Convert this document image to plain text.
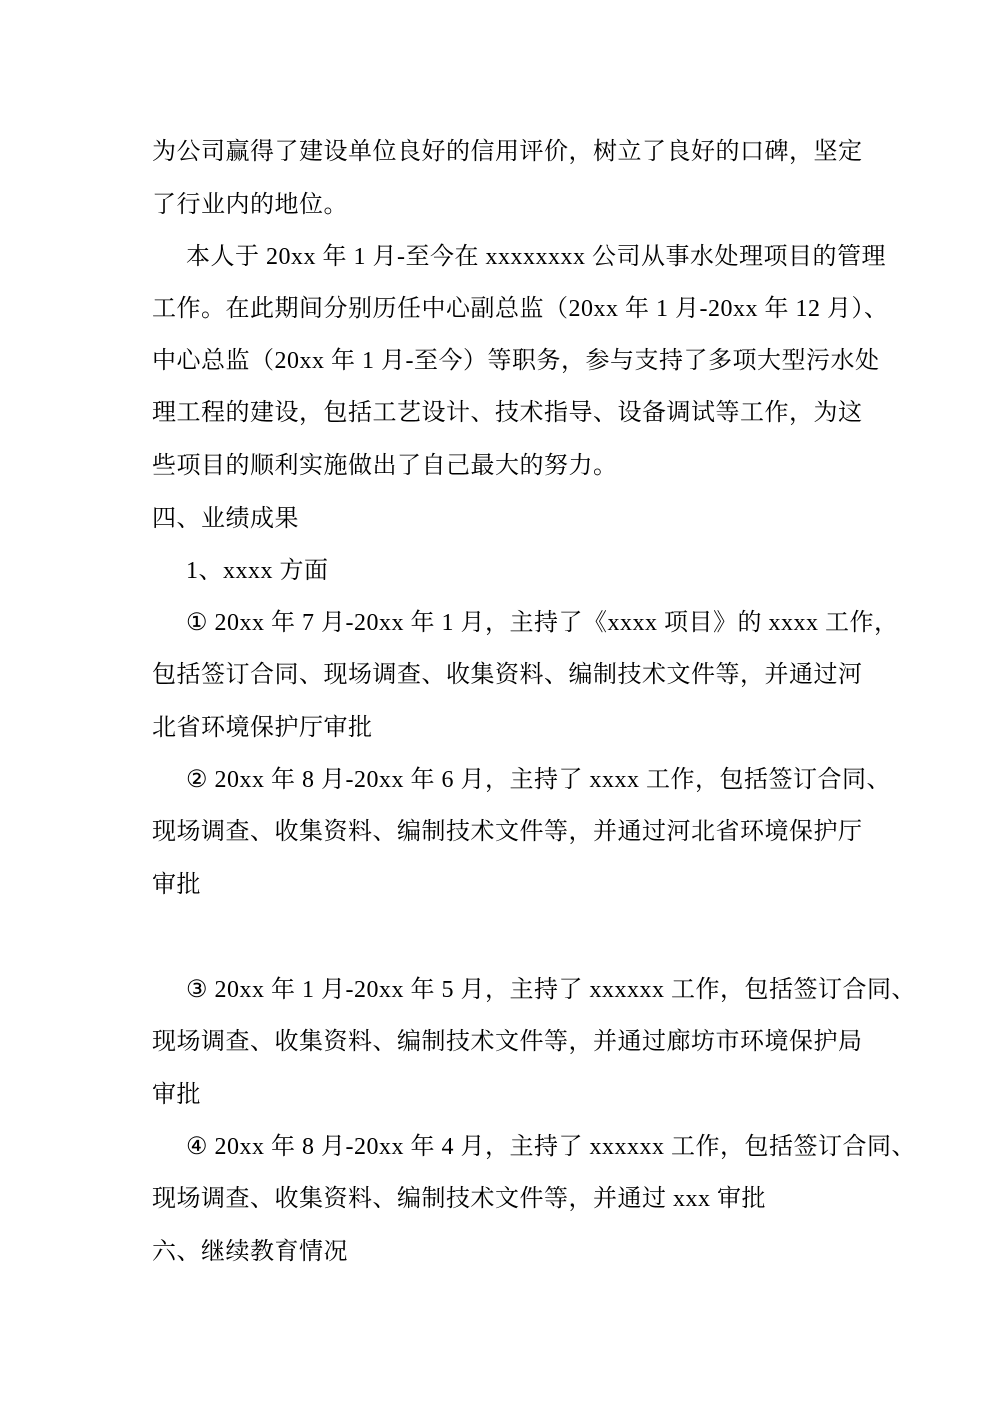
为公司赢得了建设单位良好的信用评价，树立了良好的口碑，坚定
了行业内的地位。
本人于 20xx 年 1 月-至今在 xxxxxxxx 公司从事水处理项目的管理
工作。在此期间分别历任中心副总监（20xx 年 1 月-20xx 年 12 月）、
中心总监（20xx 年 1 月-至今）等职务，参与支持了多项大型污水处
理工程的建设，包括工艺设计、技术指导、设备调试等工作，为这
些项目的顺利实施做出了自己最大的努力。
四、业绩成果
1、xxxx 方面
① 20xx 年 7 月-20xx 年 1 月，主持了《xxxx 项目》的 xxxx 工作，
包括签订合同、现场调查、收集资料、编制技术文件等，并通过河
北省环境保护厅审批
② 20xx 年 8 月-20xx 年 6 月，主持了 xxxx 工作，包括签订合同、
现场调查、收集资料、编制技术文件等，并通过河北省环境保护厅
审批
③ 20xx 年 1 月-20xx 年 5 月，主持了 xxxxxx 工作，包括签订合同、
现场调查、收集资料、编制技术文件等，并通过廊坊市环境保护局
审批
④ 20xx 年 8 月-20xx 年 4 月，主持了 xxxxxx 工作，包括签订合同、
现场调查、收集资料、编制技术文件等，并通过 xxx 审批
六、继续教育情况
